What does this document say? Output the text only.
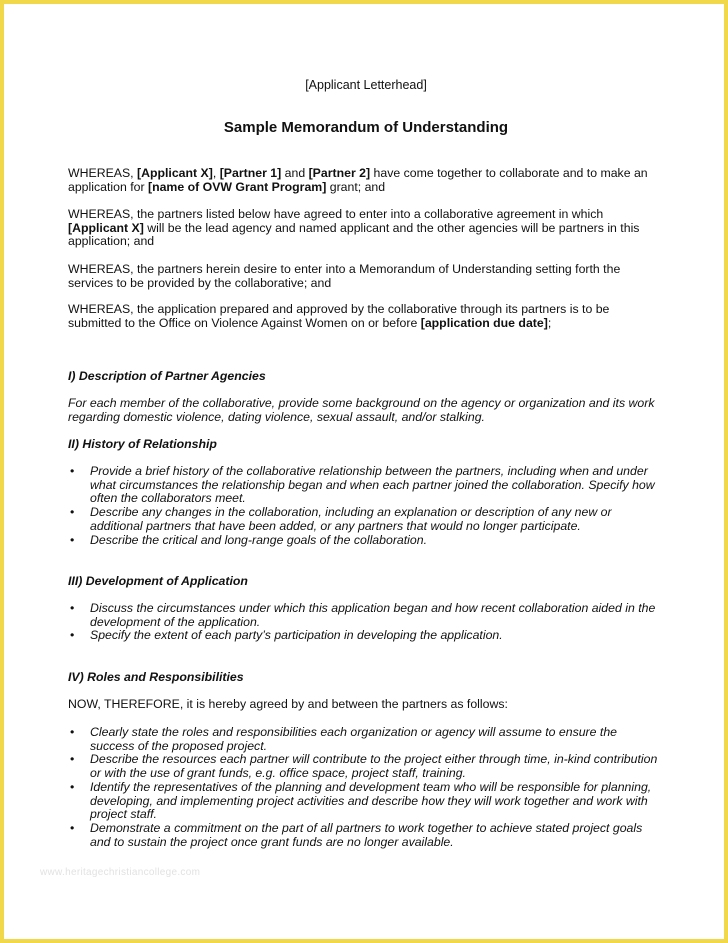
[Applicant Letterhead]
Sample Memorandum of Understanding

WHEREAS, [Applicant X], [Partner 1] and [Partner 2] have come together to collaborate and to make an application for [name of OVW Grant Program] grant; and

WHEREAS, the partners listed below have agreed to enter into a collaborative agreement in which [Applicant X] will be the lead agency and named applicant and the other agencies will be partners in this application; and

WHEREAS, the partners herein desire to enter into a Memorandum of Understanding setting forth the services to be provided by the collaborative; and

WHEREAS, the application prepared and approved by the collaborative through its partners is to be submitted to the Office on Violence Against Women on or before [application due date];

I) Description of Partner Agencies

For each member of the collaborative, provide some background on the agency or organization and its work regarding domestic violence, dating violence, sexual assault, and/or stalking.

II) History of Relationship
• Provide a brief history of the collaborative relationship between the partners, including when and under what circumstances the relationship began and when each partner joined the collaboration. Specify how often the collaborators meet.
• Describe any changes in the collaboration, including an explanation or description of any new or additional partners that have been added, or any partners that would no longer participate.
• Describe the critical and long-range goals of the collaboration.
III) Development of Application
• Discuss the circumstances under which this application began and how recent collaboration aided in the development of the application.
• Specify the extent of each party’s participation in developing the application.
IV) Roles and Responsibilities

NOW, THEREFORE, it is hereby agreed by and between the partners as follows:

• Clearly state the roles and responsibilities each organization or agency will assume to ensure the success of the proposed project.
• Describe the resources each partner will contribute to the project either through time, in-kind contribution or with the use of grant funds, e.g. office space, project staff, training.
• Identify the representatives of the planning and development team who will be responsible for planning, developing, and implementing project activities and describe how they will work together and work with project staff.
• Demonstrate a commitment on the part of all partners to work together to achieve stated project goals and to sustain the project once grant funds are no longer available.
www.heritagechristiancollege.com
